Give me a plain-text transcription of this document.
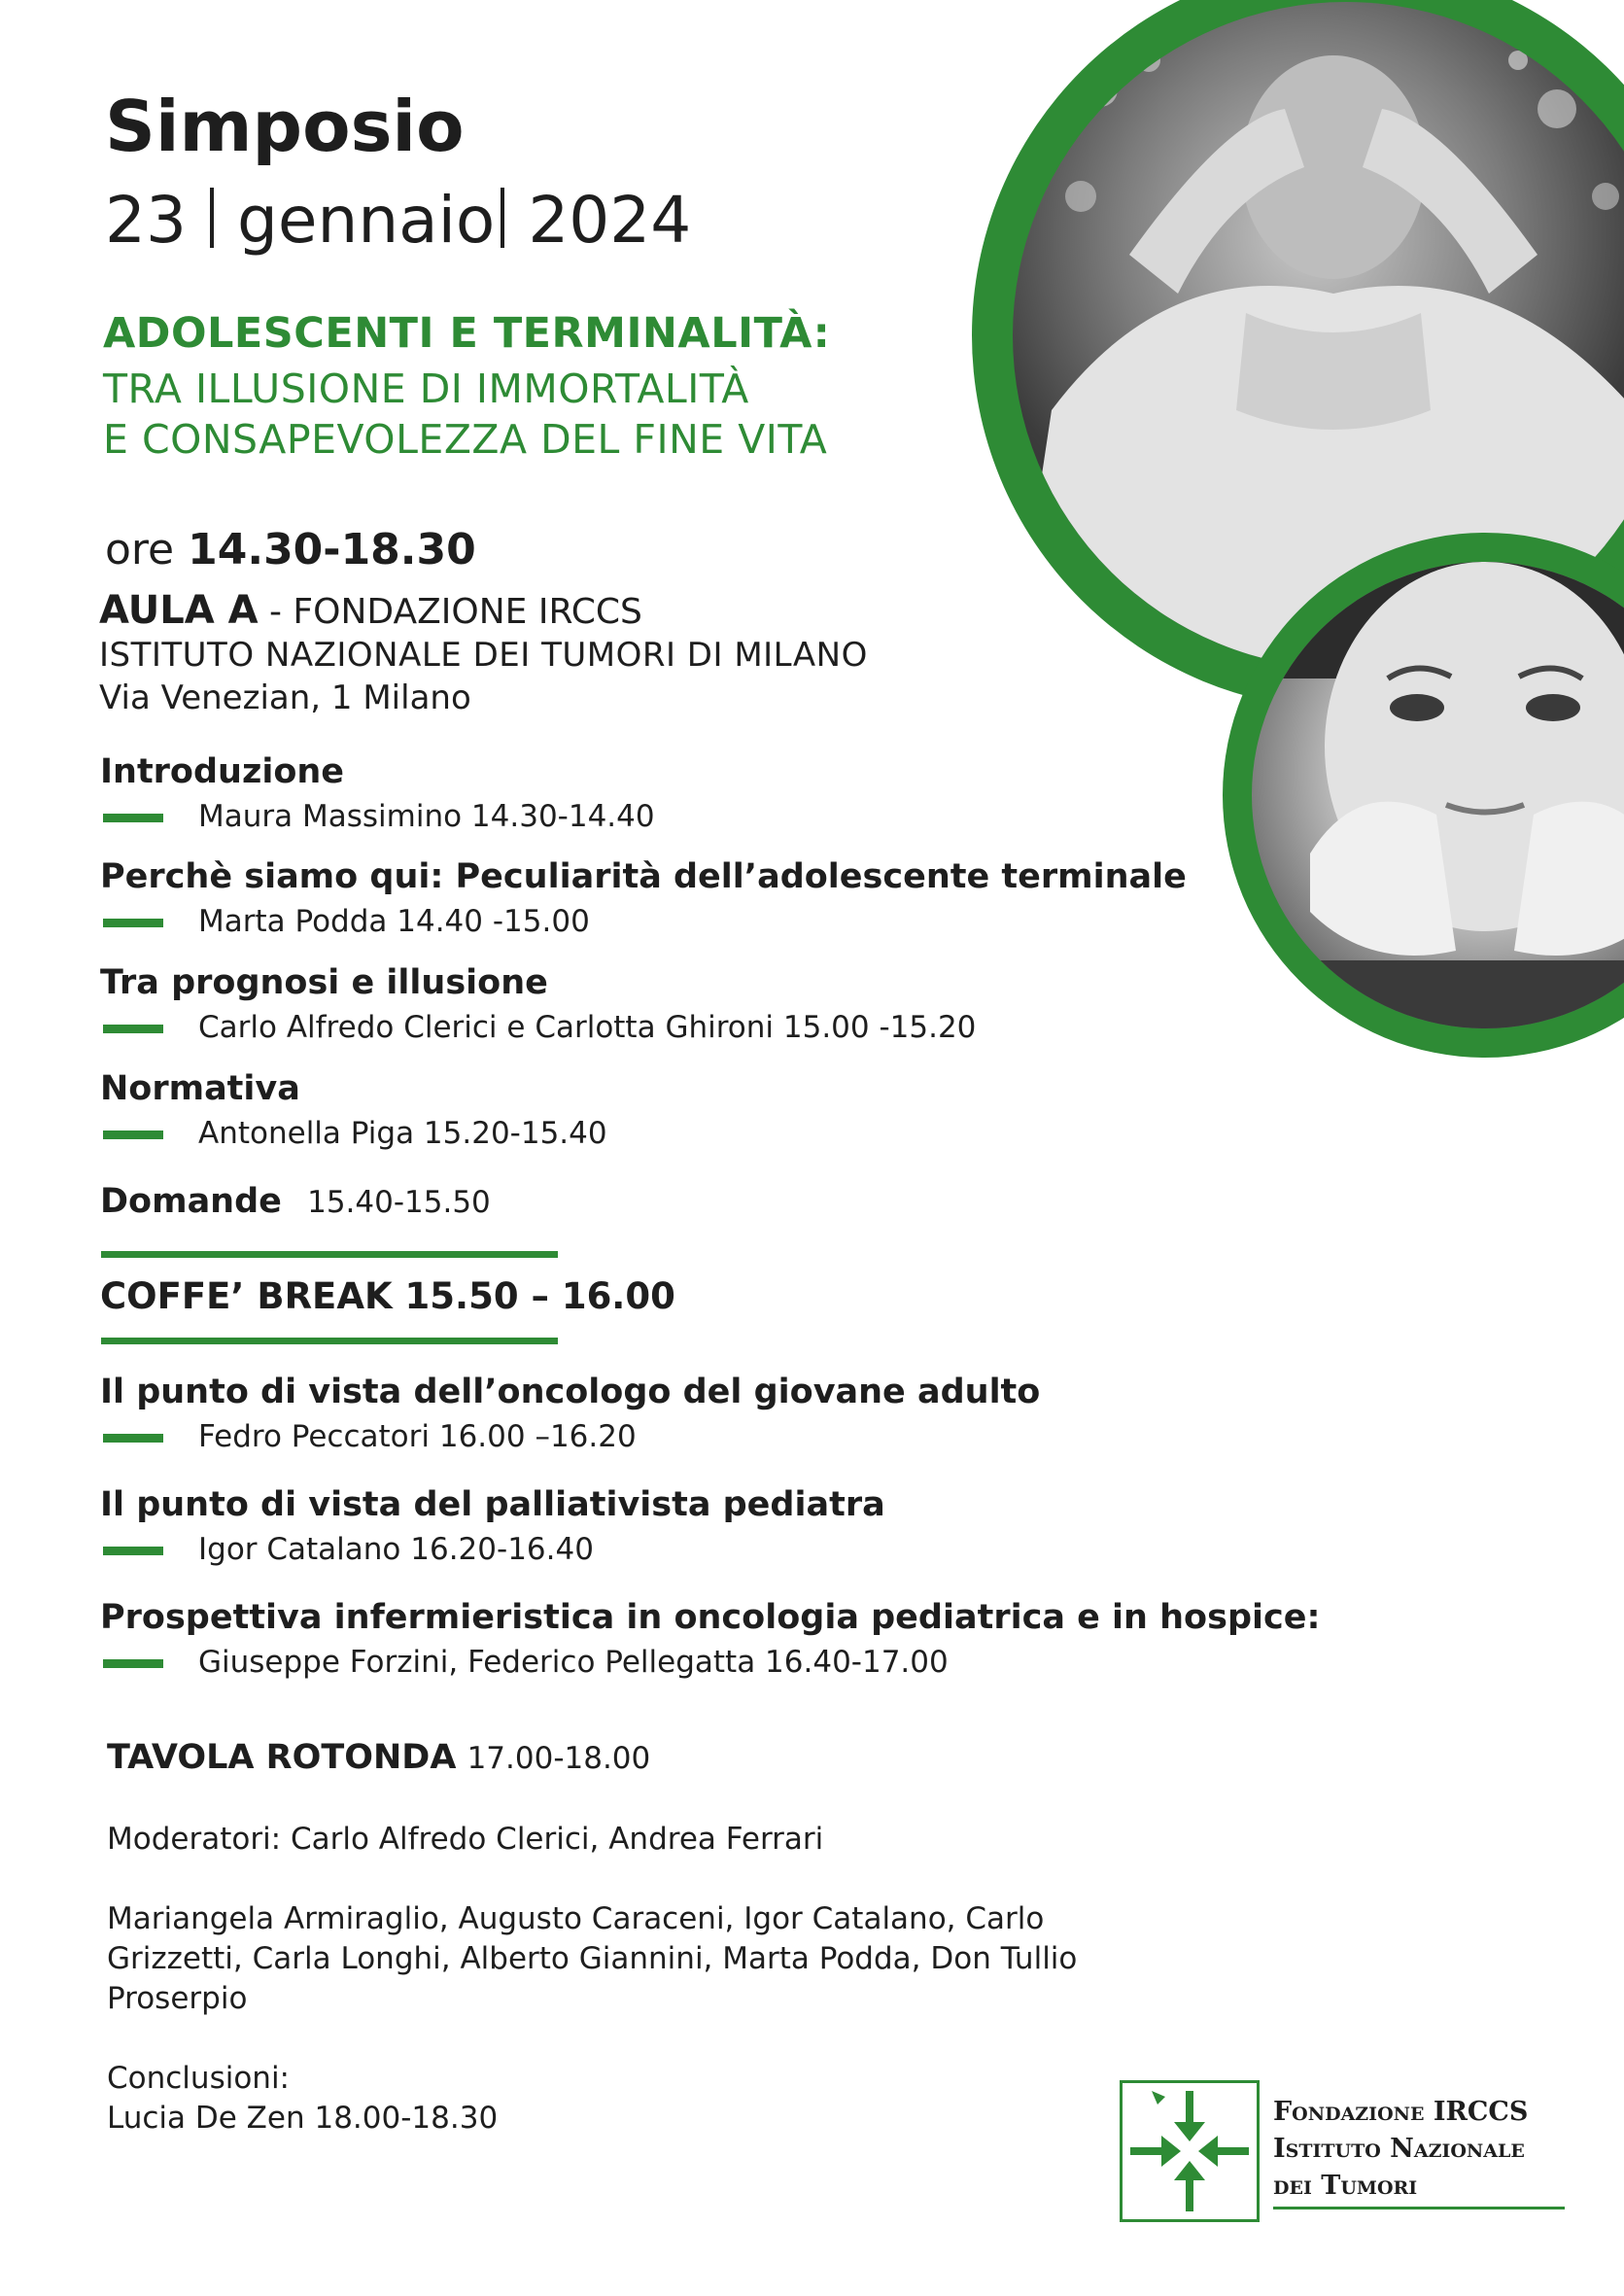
Simposio
23 gennaio 2024
ADOLESCENTI E TERMINALITÀ:
TRA ILLUSIONE DI IMMORTALITÀ
E CONSAPEVOLEZZA DEL FINE VITA
ore 14.30-18.30
AULA A - FONDAZIONE IRCCS
ISTITUTO NAZIONALE DEI TUMORI DI MILANO
Via Venezian, 1 Milano
Introduzione
Maura Massimino 14.30-14.40
Perchè siamo qui: Peculiarità dell’adolescente terminale
Marta Podda 14.40 -15.00
Tra prognosi e illusione
Carlo Alfredo Clerici e Carlotta Ghironi 15.00 -15.20
Normativa
Antonella Piga 15.20-15.40
Domande 15.40-15.50
COFFE’ BREAK 15.50 – 16.00
Il punto di vista dell’oncologo del giovane adulto
Fedro Peccatori 16.00 –16.20
Il punto di vista del palliativista pediatra
Igor Catalano 16.20-16.40
Prospettiva infermieristica in oncologia pediatrica e in hospice:
Giuseppe Forzini, Federico Pellegatta 16.40-17.00
TAVOLA ROTONDA 17.00-18.00
Moderatori: Carlo Alfredo Clerici, Andrea Ferrari
Mariangela Armiraglio, Augusto Caraceni, Igor Catalano, Carlo
Grizzetti, Carla Longhi, Alberto Giannini, Marta Podda, Don Tullio
Proserpio
Conclusioni:
Lucia De Zen 18.00-18.30	Fondazione IRCCS
Istituto Nazionale
dei Tumori
